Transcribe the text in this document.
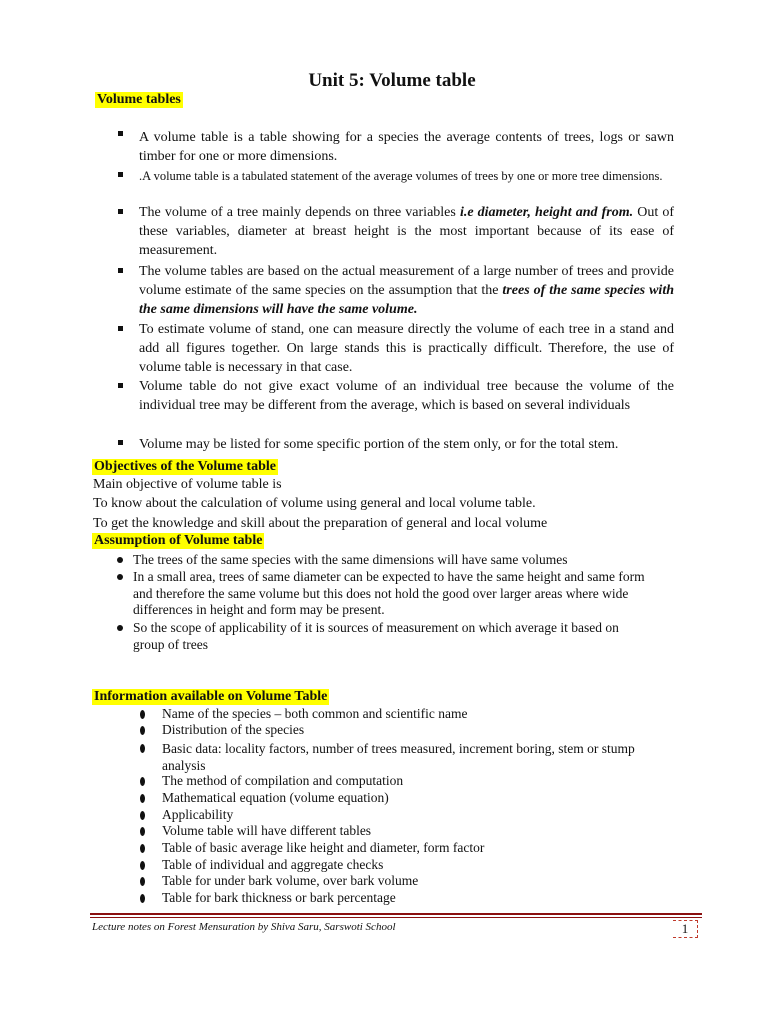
Unit 5: Volume table
Volume tables
A volume table is a table showing for a species the average contents of trees, logs or sawn timber for one or more dimensions.
.A volume table is a tabulated statement of the average volumes of trees by one or more tree dimensions.
The volume of a tree mainly depends on three variables i.e diameter, height and from. Out of these variables, diameter at breast height is the most important because of its ease of measurement.
The volume tables are based on the actual measurement of a large number of trees and provide volume estimate of the same species on the assumption that the trees of the same species with the same dimensions will have the same volume.
To estimate volume of stand, one can measure directly the volume of each tree in a stand and add all figures together. On large stands this is practically difficult. Therefore, the use of volume table is necessary in that case.
Volume table do not give exact volume of an individual tree because the volume of the individual tree may be different from the average, which is based on several individuals
Volume may be listed for some specific portion of the stem only, or for the total stem.
Objectives of the Volume table
Main objective of volume table is
To know about the calculation of volume using general and local volume table.
To get the knowledge and skill about the preparation of general and local volume
Assumption of Volume table
The trees of the same species with the same dimensions will have same volumes
In a small area, trees of same diameter can be expected to have the same height and same form and therefore the same volume but this does not hold the good over larger areas where wide differences in height and form may be present.
So the scope of applicability of it is sources of measurement on which average it based on group of trees
Information available on Volume Table
Name of the species – both common and scientific name
Distribution of the species
Basic data: locality factors, number of trees measured, increment boring, stem or stump analysis
The method of compilation and computation
Mathematical equation (volume equation)
Applicability
Volume table will have different tables
Table of basic average like height and diameter, form factor
Table of individual and aggregate checks
Table for under bark volume, over bark volume
Table for bark thickness or bark percentage
Lecture notes on Forest Mensuration by Shiva Saru, Sarswoti School	1
